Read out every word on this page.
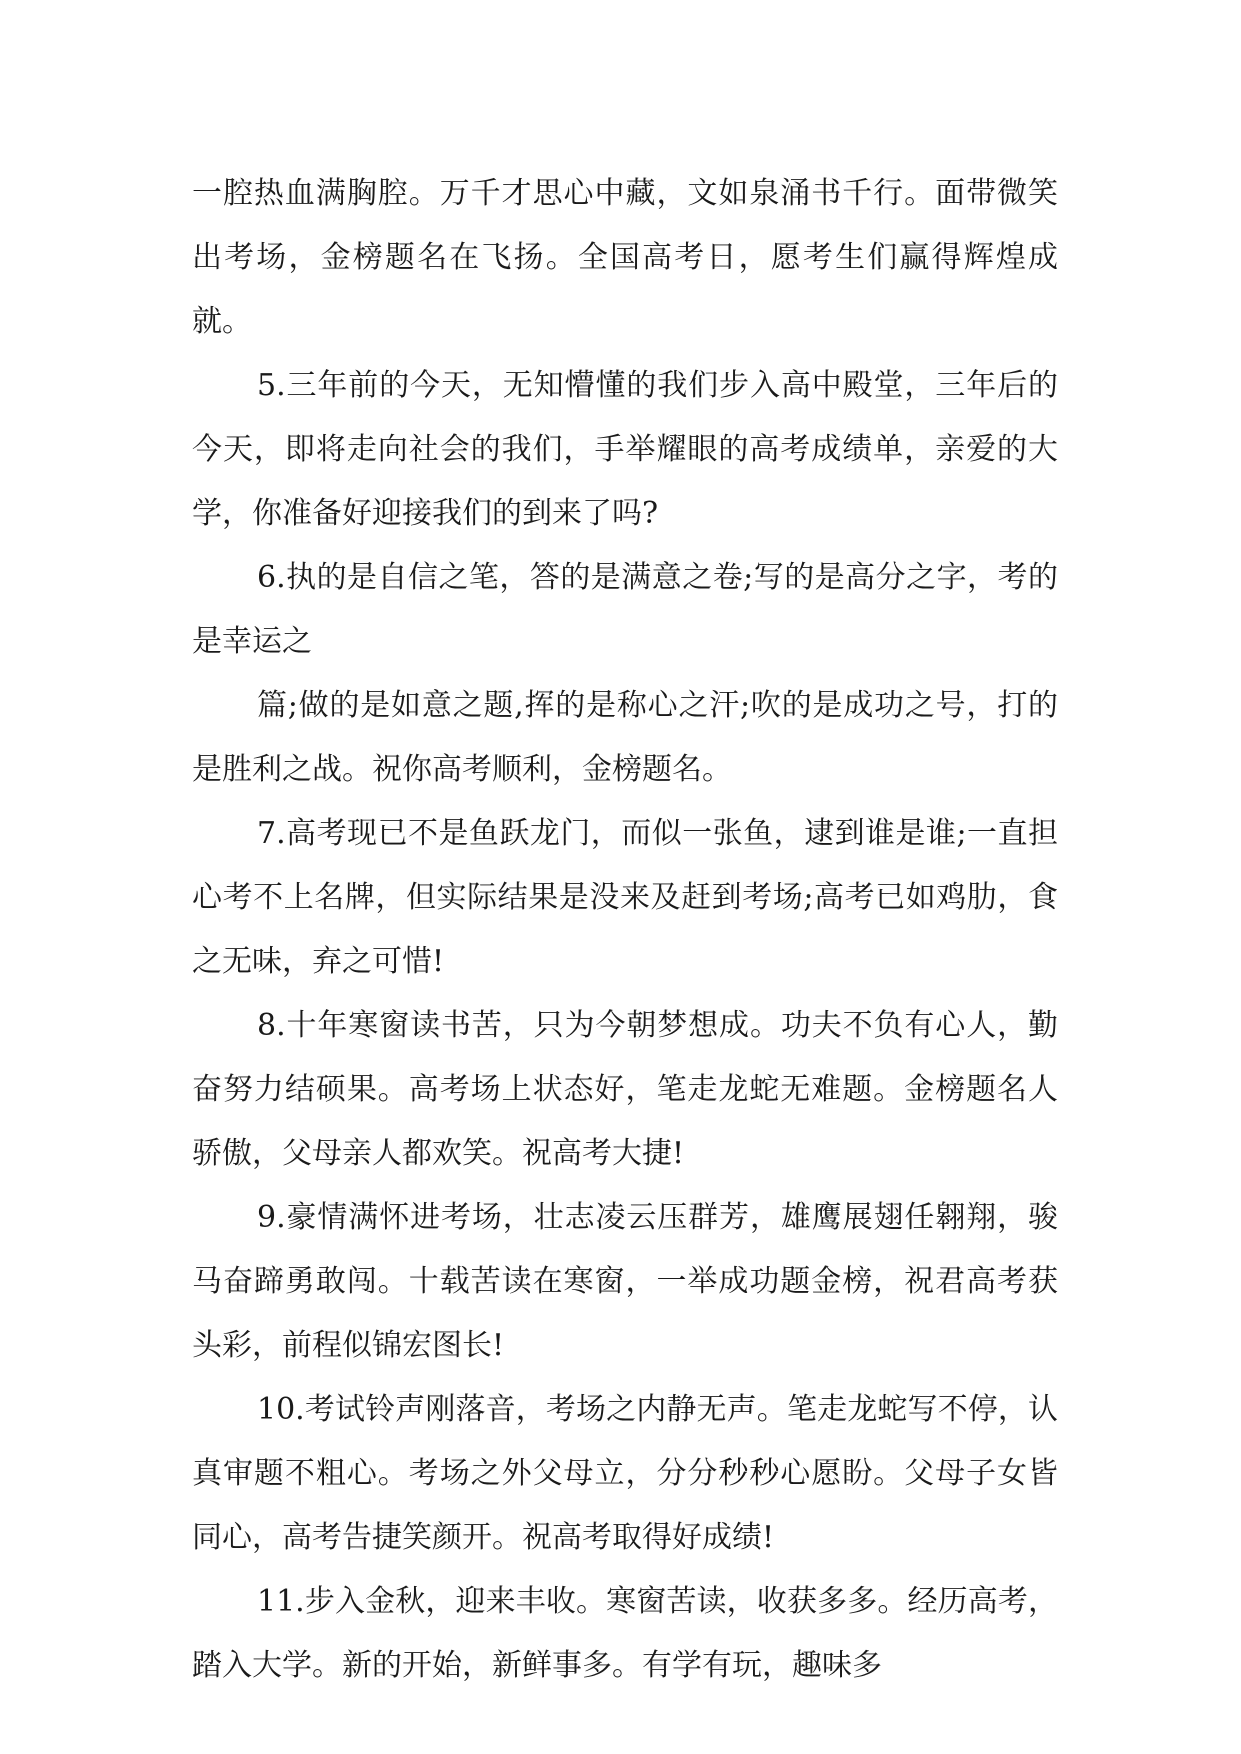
一腔热血满胸腔。万千才思心中藏，文如泉涌书千行。面带微笑出考场，金榜题名在飞扬。全国高考日，愿考生们赢得辉煌成就。

5.三年前的今天，无知懵懂的我们步入高中殿堂，三年后的今天，即将走向社会的我们，手举耀眼的高考成绩单，亲爱的大学，你准备好迎接我们的到来了吗?

6.执的是自信之笔，答的是满意之卷;写的是高分之字，考的是幸运之

篇;做的是如意之题,挥的是称心之汗;吹的是成功之号，打的是胜利之战。祝你高考顺利，金榜题名。

7.高考现已不是鱼跃龙门，而似一张鱼，逮到谁是谁;一直担心考不上名牌，但实际结果是没来及赶到考场;高考已如鸡肋，食之无味，弃之可惜!

8.十年寒窗读书苦，只为今朝梦想成。功夫不负有心人，勤奋努力结硕果。高考场上状态好，笔走龙蛇无难题。金榜题名人骄傲，父母亲人都欢笑。祝高考大捷!

9.豪情满怀进考场，壮志凌云压群芳，雄鹰展翅任翱翔，骏马奋蹄勇敢闯。十载苦读在寒窗，一举成功题金榜，祝君高考获头彩，前程似锦宏图长!

10.考试铃声刚落音，考场之内静无声。笔走龙蛇写不停，认真审题不粗心。考场之外父母立，分分秒秒心愿盼。父母子女皆同心，高考告捷笑颜开。祝高考取得好成绩!

11.步入金秋，迎来丰收。寒窗苦读，收获多多。经历高考，踏入大学。新的开始，新鲜事多。有学有玩，趣味多
